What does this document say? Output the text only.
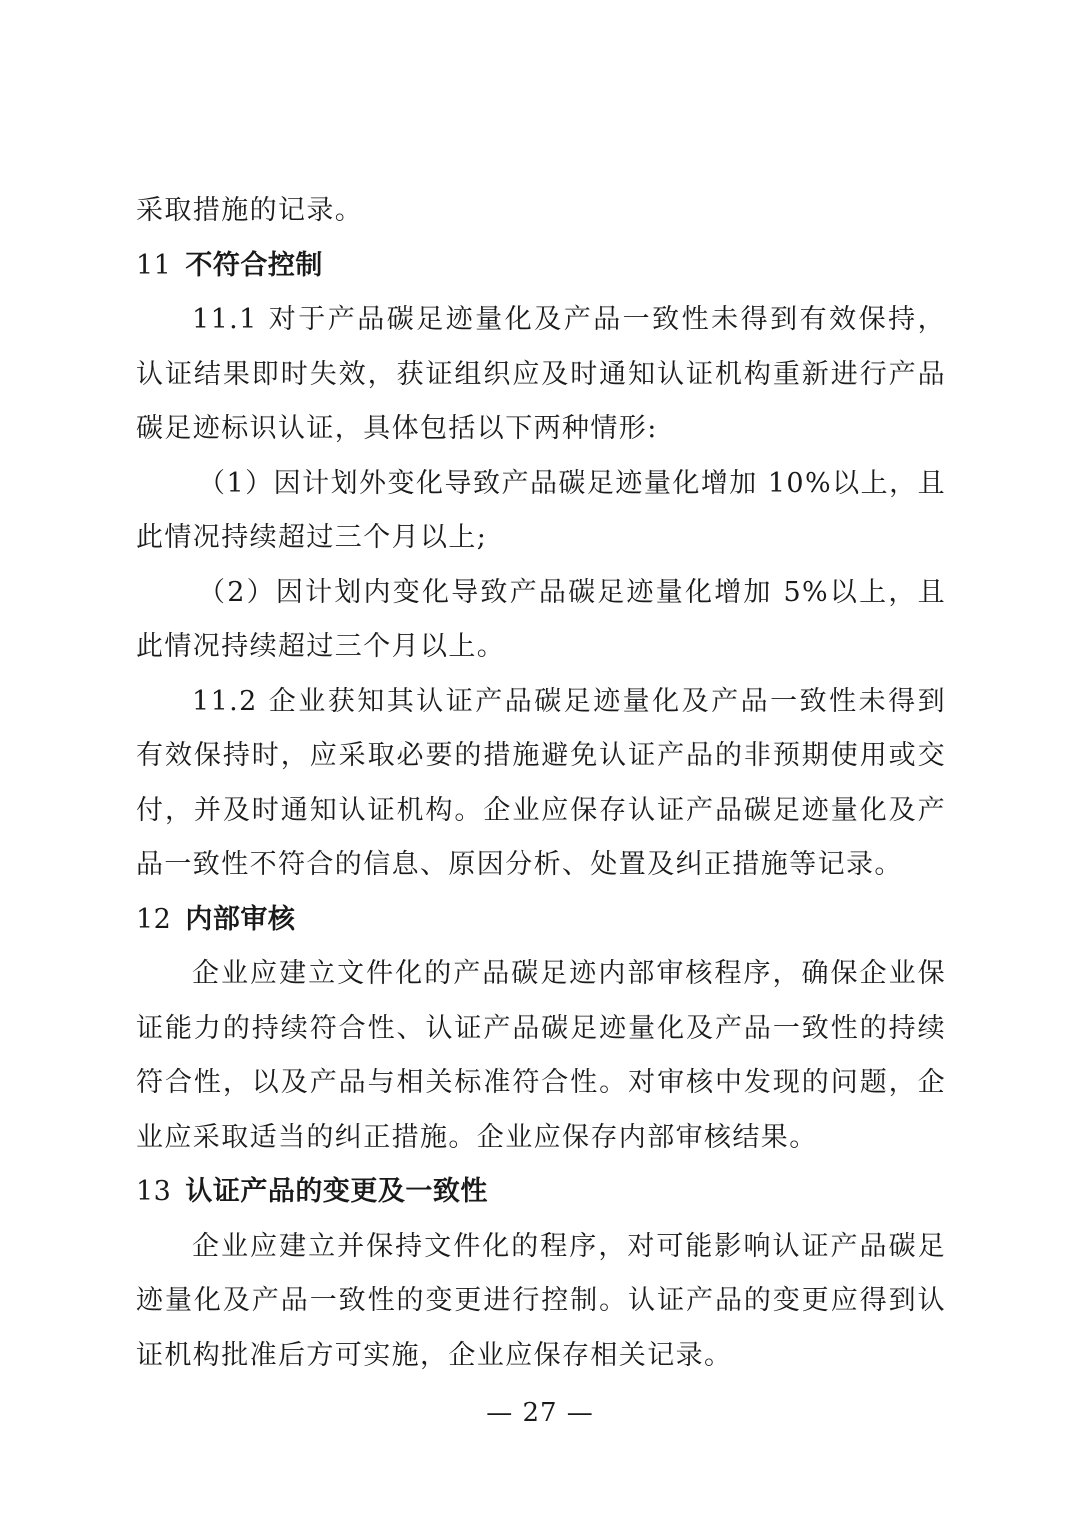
采取措施的记录。

11 不符合控制

11.1 对于产品碳足迹量化及产品一致性未得到有效保持，认证结果即时失效，获证组织应及时通知认证机构重新进行产品碳足迹标识认证，具体包括以下两种情形:

（1）因计划外变化导致产品碳足迹量化增加 10%以上，且此情况持续超过三个月以上;

（2）因计划内变化导致产品碳足迹量化增加 5%以上，且此情况持续超过三个月以上。

11.2 企业获知其认证产品碳足迹量化及产品一致性未得到有效保持时，应采取必要的措施避免认证产品的非预期使用或交付，并及时通知认证机构。企业应保存认证产品碳足迹量化及产品一致性不符合的信息、原因分析、处置及纠正措施等记录。

12 内部审核

企业应建立文件化的产品碳足迹内部审核程序，确保企业保证能力的持续符合性、认证产品碳足迹量化及产品一致性的持续符合性，以及产品与相关标准符合性。对审核中发现的问题，企业应采取适当的纠正措施。企业应保存内部审核结果。

13 认证产品的变更及一致性

企业应建立并保持文件化的程序，对可能影响认证产品碳足迹量化及产品一致性的变更进行控制。认证产品的变更应得到认证机构批准后方可实施，企业应保存相关记录。

— 27 —
